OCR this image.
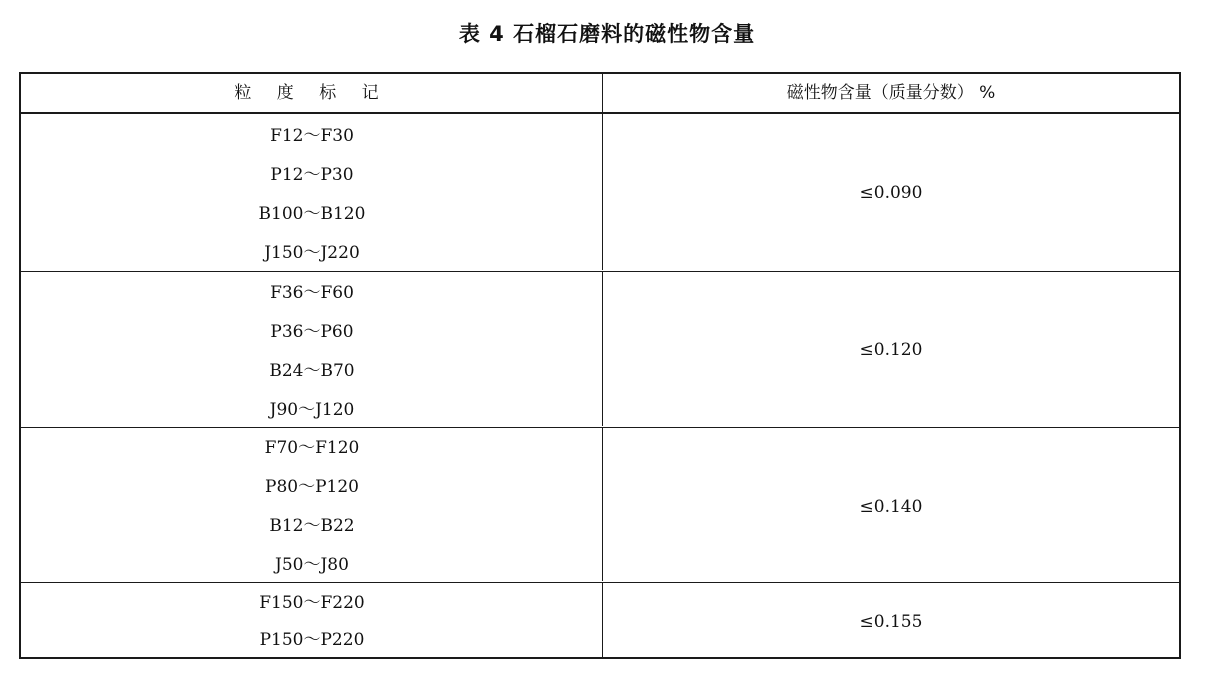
表 4 石榴石磨料的磁性物含量
粒 度 标 记	磁性物含量（质量分数） %
F12～F30
P12～P30
B100～B120
J150～J220
≤0.090
F36～F60
P36～P60
B24～B70
J90～J120
≤0.120
F70～F120
P80～P120
B12～B22
J50～J80
≤0.140
F150～F220
P150～P220
≤0.155
